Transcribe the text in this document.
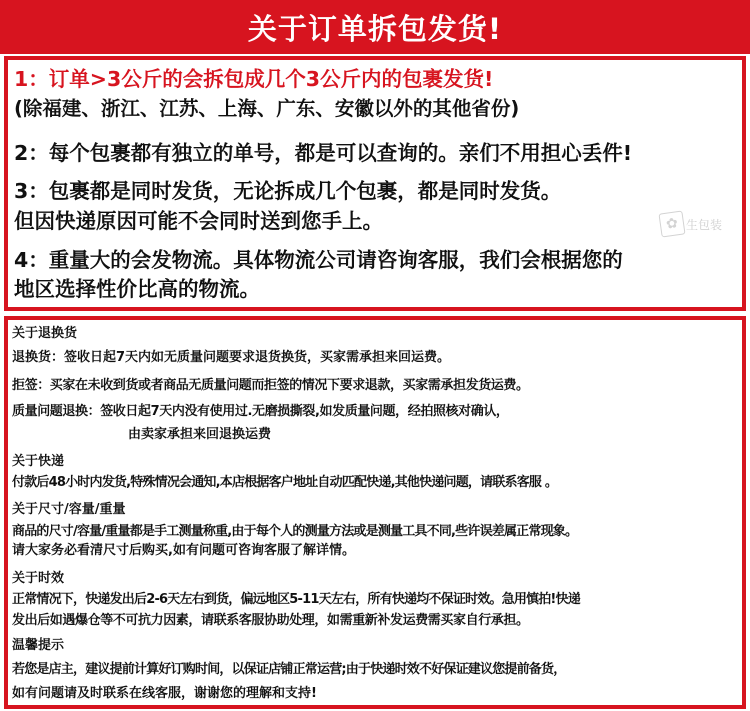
关于订单拆包发货!
1：订单>3公斤的会拆包成几个3公斤内的包裹发货!
(除福建、浙江、江苏、上海、广东、安徽以外的其他省份)
2：每个包裹都有独立的单号，都是可以查询的。亲们不用担心丢件!
3：包裹都是同时发货，无论拆成几个包裹，都是同时发货。
但因快递原因可能不会同时送到您手上。
4：重量大的会发物流。具体物流公司请咨询客服，我们会根据您的
地区选择性价比高的物流。
✿ 生包装
关于退换货
退换货：签收日起7天内如无质量问题要求退货换货，买家需承担来回运费。
拒签：买家在未收到货或者商品无质量问题而拒签的情况下要求退款，买家需承担发货运费。
质量问题退换：签收日起7天内没有使用过.无磨损撕裂,如发质量问题，经拍照核对确认，
由卖家承担来回退换运费
关于快递
付款后48小时内发货,特殊情况会通知,本店根据客户地址自动匹配快递,其他快递问题，请联系客服 。
关于尺寸/容量/重量
商品的尺寸/容量/重量都是手工测量称重,由于每个人的测量方法或是测量工具不同,些许误差属正常现象。
请大家务必看清尺寸后购买,如有问题可咨询客服了解详情。
关于时效
正常情况下，快递发出后2-6天左右到货，偏远地区5-11天左右，所有快递均不保证时效。急用慎拍!快递
发出后如遇爆仓等不可抗力因素，请联系客服协助处理，如需重新补发运费需买家自行承担。
温馨提示
若您是店主，建议提前计算好订购时间，以保证店铺正常运营;由于快递时效不好保证建议您提前备货，
如有问题请及时联系在线客服，谢谢您的理解和支持!
